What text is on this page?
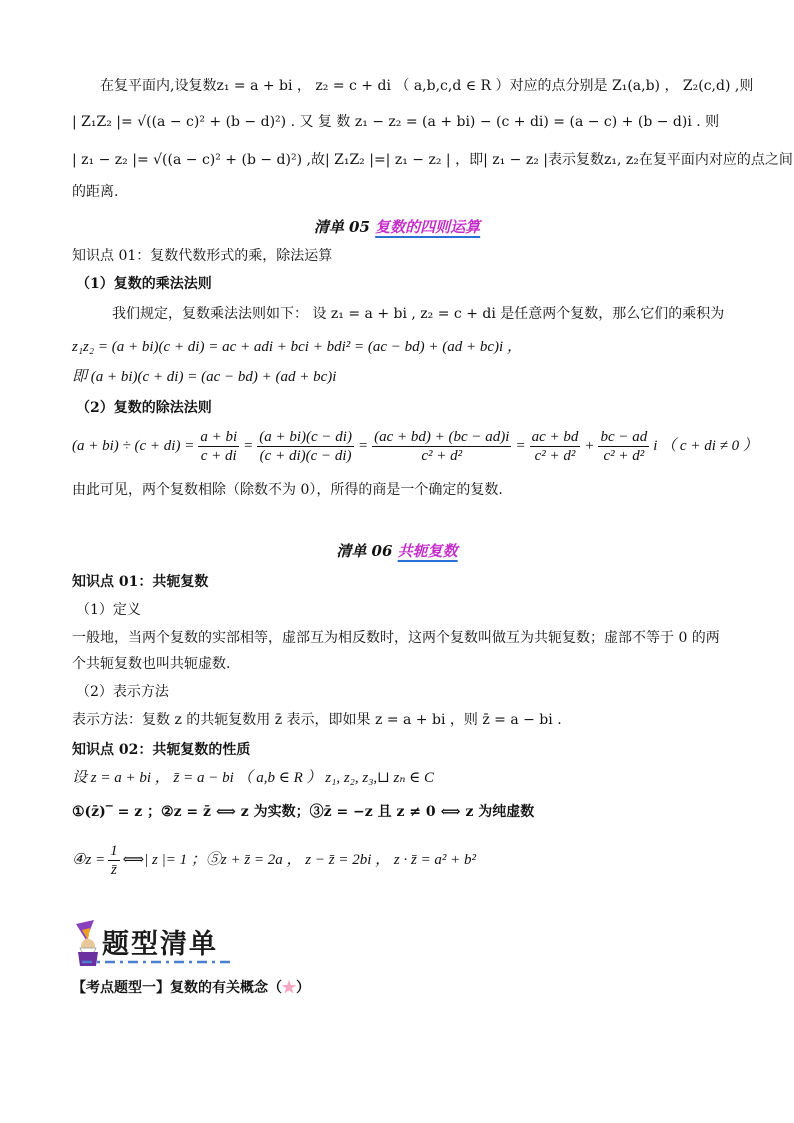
在复平面内,设复数z₁ = a + bi ， z₂ = c + di （ a,b,c,d ∈ R ）对应的点分别是 Z₁(a,b) ， Z₂(c,d) ,则
| Z₁Z₂ |= √((a − c)² + (b − d)²) . 又 复 数 z₁ − z₂ = (a + bi) − (c + di) = (a − c) + (b − d)i . 则
| z₁ − z₂ |= √((a − c)² + (b − d)²) ,故| Z₁Z₂ |=| z₁ − z₂ | ，即| z₁ − z₂ |表示复数z₁, z₂在复平面内对应的点之间
的距离.
清单 05 复数的四则运算
知识点 01：复数代数形式的乘，除法运算
（1）复数的乘法法则
我们规定，复数乘法法则如下： 设 z₁ = a + bi , z₂ = c + di 是任意两个复数，那么它们的乘积为
z₁z₂ = (a + bi)(c + di) = ac + adi + bci + bdi² = (ac − bd) + (ad + bc)i ，
即 (a + bi)(c + di) = (ac − bd) + (ad + bc)i
（2）复数的除法法则
$(a + bi) \div (c + di) = \frac{a + bi}{c + di} = \frac{(a + bi)(c - di)}{(c + di)(c - di)} = \frac{(ac + bd) + (bc - ad)i}{\text{c² + d²}} = \frac{ac + bd}{\text{c² + d²}} + \frac{bc - ad}{\text{c² + d²}}$ i （ c + di ≠ 0 ）
由此可见，两个复数相除（除数不为 0），所得的商是一个确定的复数.
清单 06 共轭复数
知识点 01：共轭复数
（1）定义
一般地，当两个复数的实部相等，虚部互为相反数时，这两个复数叫做互为共轭复数；虚部不等于 0 的两
个共轭复数也叫共轭虚数.
（2）表示方法
表示方法：复数 z 的共轭复数用 z̄ 表示，即如果 z = a + bi ，则 z̄ = a − bi .
知识点 02：共轭复数的性质
设 z = a + bi ， z̄ = a − bi （ a,b ∈ R ） z₁, z₂, z₃,⊔ zₙ ∈ C
①(z̄)‾ = z ；②z = z̄ ⟺ z 为实数；③z̄ = −z 且 z ≠ 0 ⟺ z 为纯虚数
④z = $\frac{1}{z̄}$ ⟺| z |= 1 ；⑤z + z̄ = 2a ， z − z̄ = 2bi ， z · z̄ = a² + b²
题型清单
【考点题型一】复数的有关概念（★）
